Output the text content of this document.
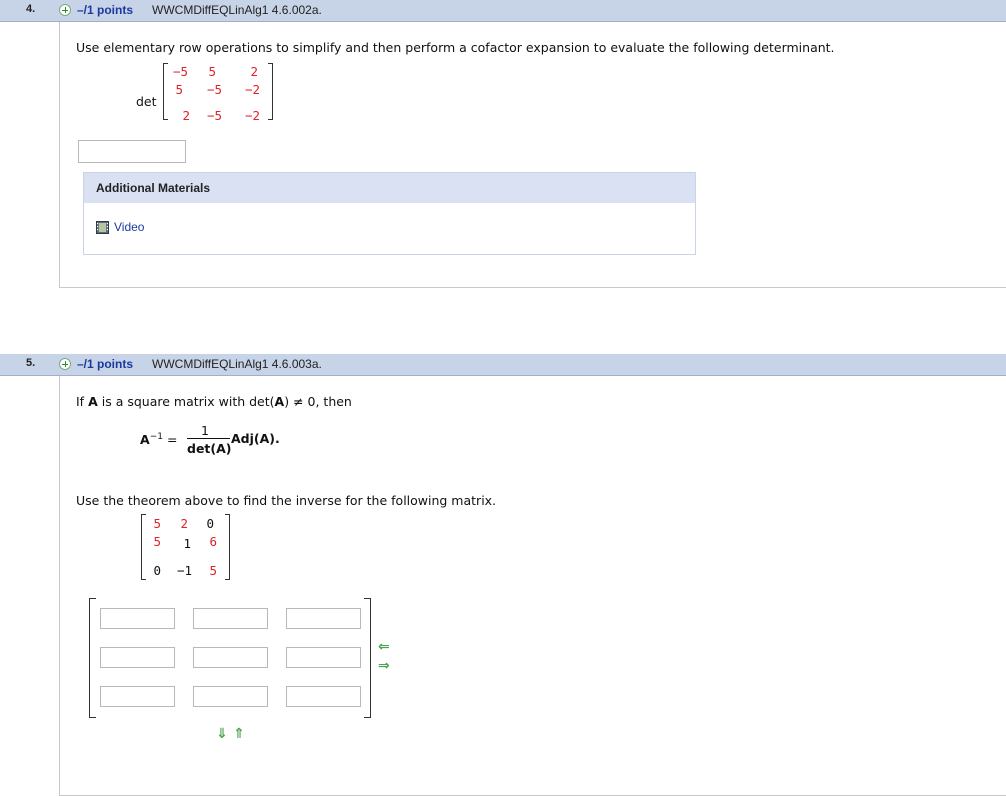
4.	–/1 points WWCMDiffEQLinAlg1 4.6.002a.
Use elementary row operations to simplify and then perform a cofactor expansion to evaluate the following determinant.
det
−5	5	2
5	−5	−2
2	−5	−2
Additional Materials
Video
5.	–/1 points WWCMDiffEQLinAlg1 4.6.003a.
If A is a square matrix with det(A) ≠ 0, then
$A^{-1}$ =
1
det(A)
Adj(A).
Use the theorem above to find the inverse for the following matrix.
5	2	0
5	1	6
0	−1	5
⇐
⇒
⇓ ⇑
